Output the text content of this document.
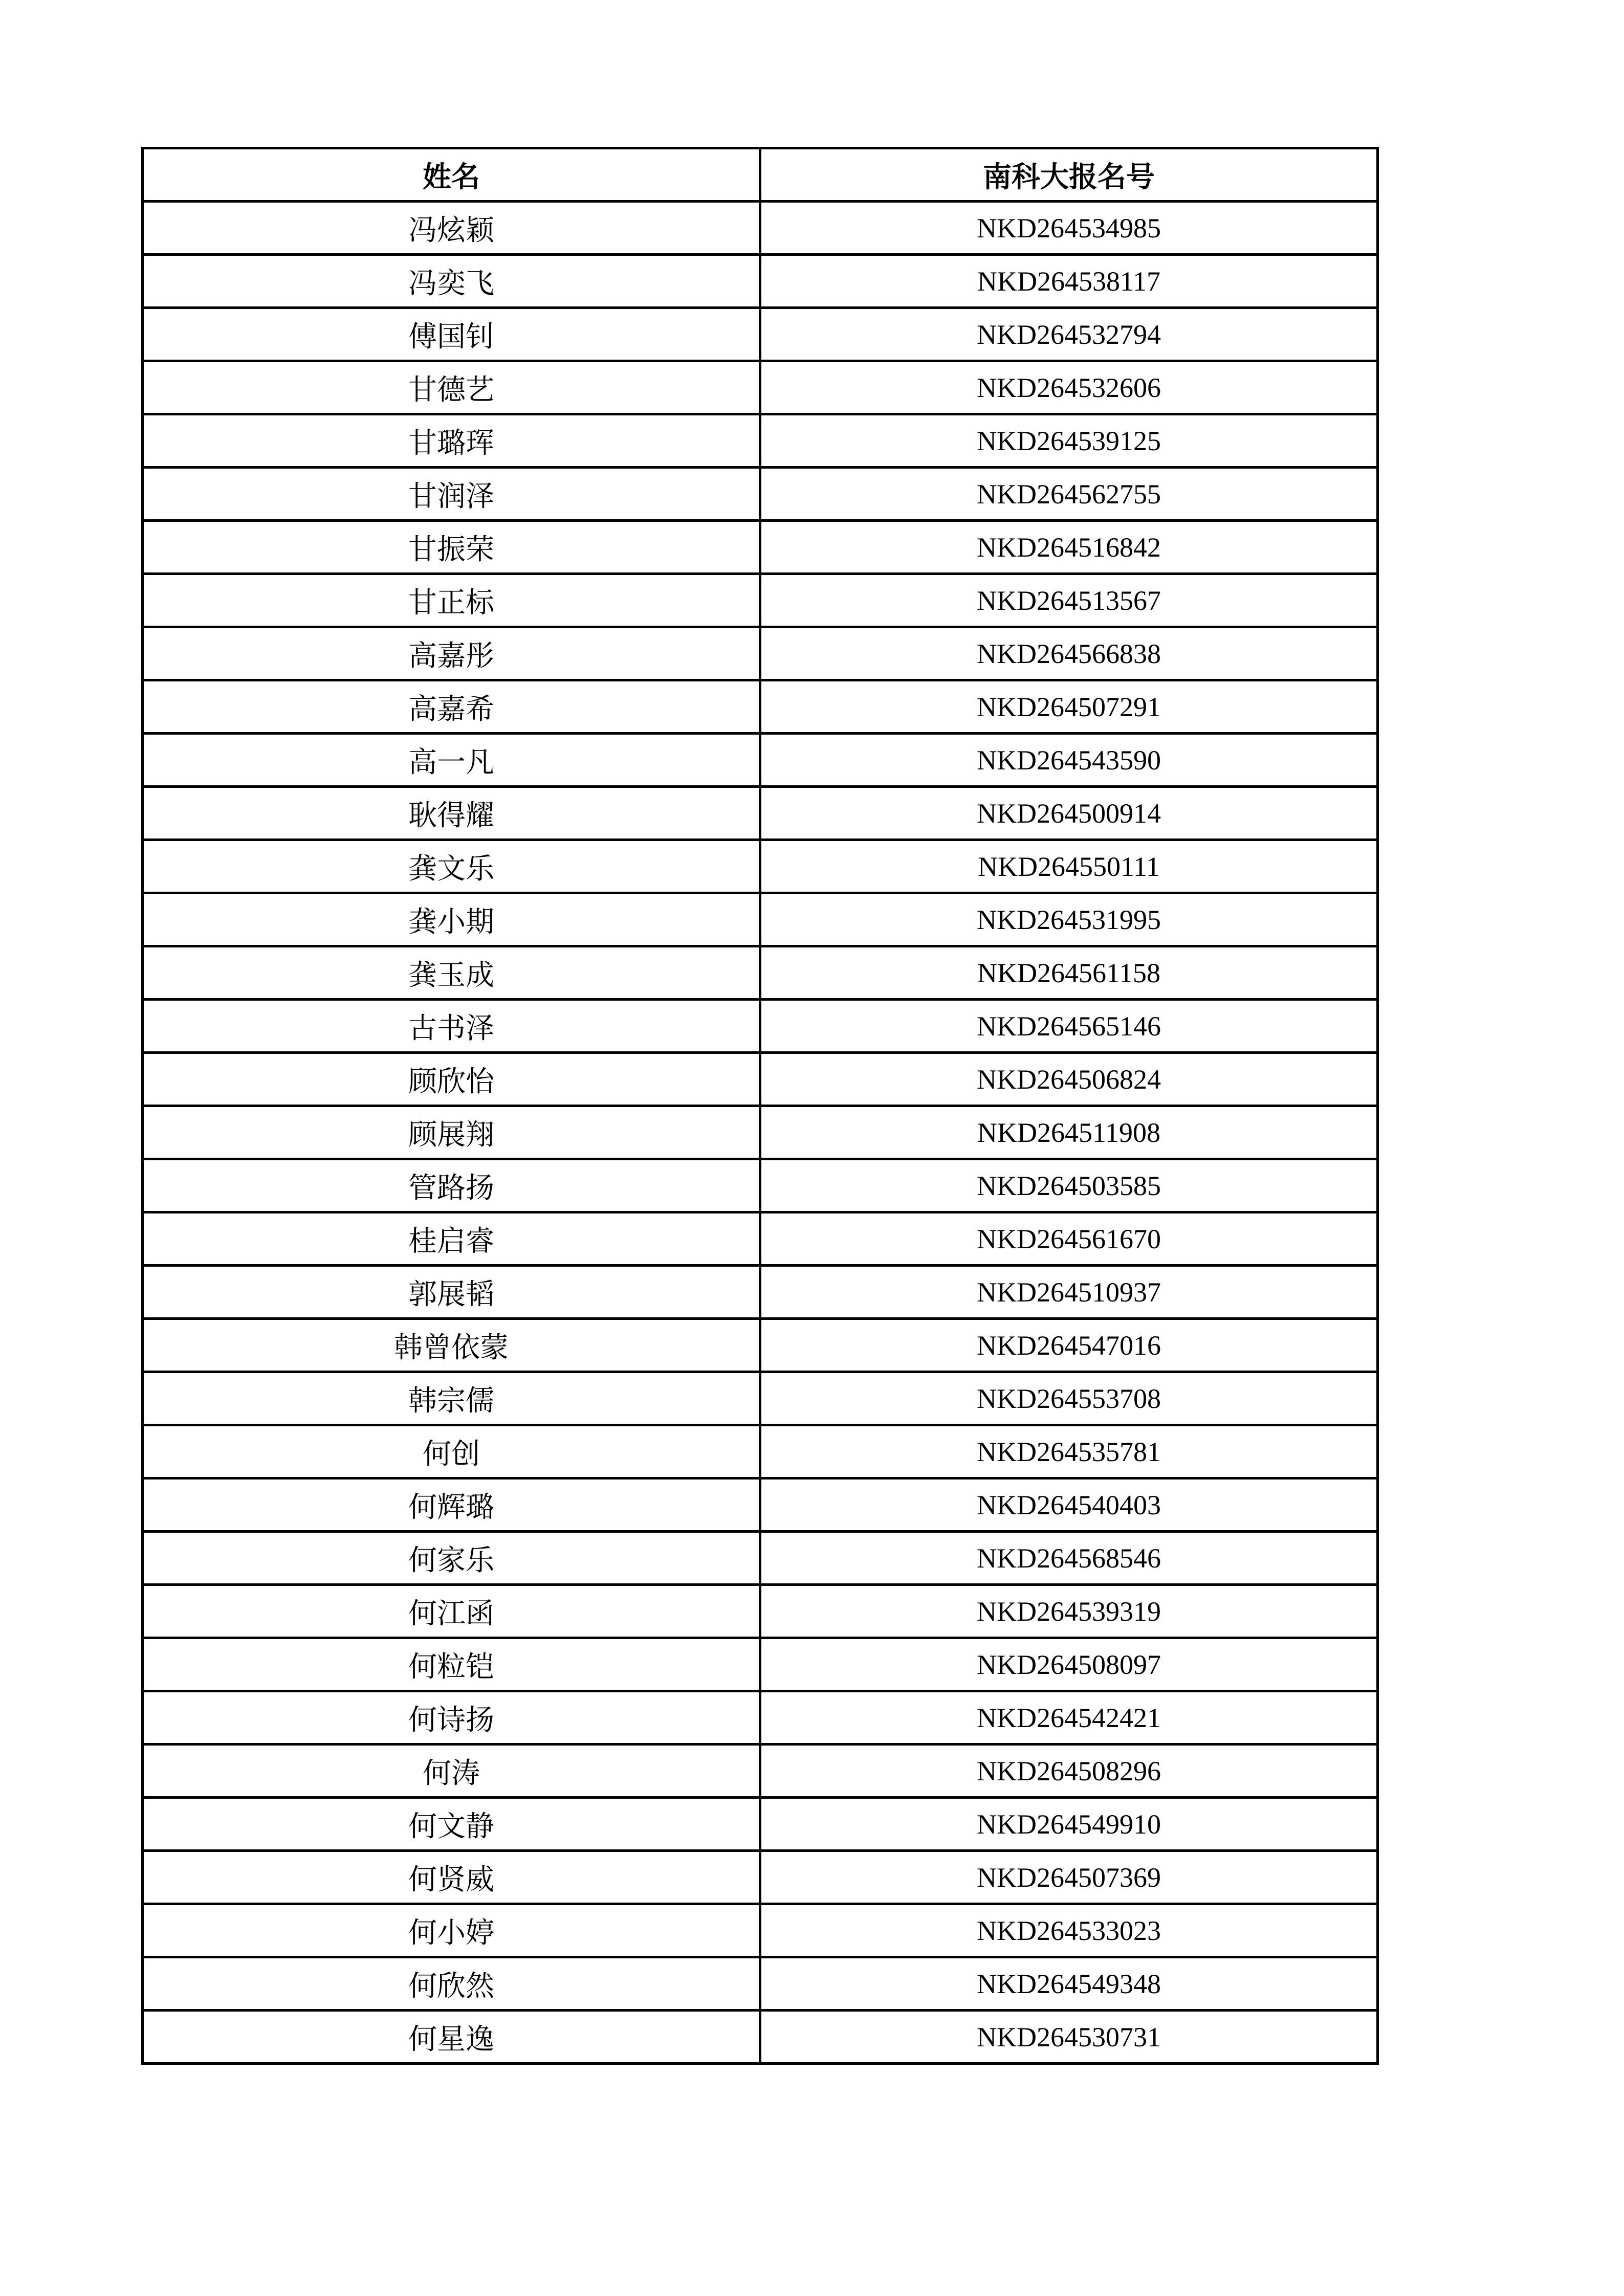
姓名	南科大报名号
冯炫颖	NKD264534985
冯奕飞	NKD264538117
傅国钊	NKD264532794
甘德艺	NKD264532606
甘璐珲	NKD264539125
甘润泽	NKD264562755
甘振荣	NKD264516842
甘正标	NKD264513567
高嘉彤	NKD264566838
高嘉希	NKD264507291
高一凡	NKD264543590
耿得耀	NKD264500914
龚文乐	NKD264550111
龚小期	NKD264531995
龚玉成	NKD264561158
古书泽	NKD264565146
顾欣怡	NKD264506824
顾展翔	NKD264511908
管路扬	NKD264503585
桂启睿	NKD264561670
郭展韬	NKD264510937
韩曾依蒙	NKD264547016
韩宗儒	NKD264553708
何创	NKD264535781
何辉璐	NKD264540403
何家乐	NKD264568546
何江函	NKD264539319
何粒铠	NKD264508097
何诗扬	NKD264542421
何涛	NKD264508296
何文静	NKD264549910
何贤威	NKD264507369
何小婷	NKD264533023
何欣然	NKD264549348
何星逸	NKD264530731
